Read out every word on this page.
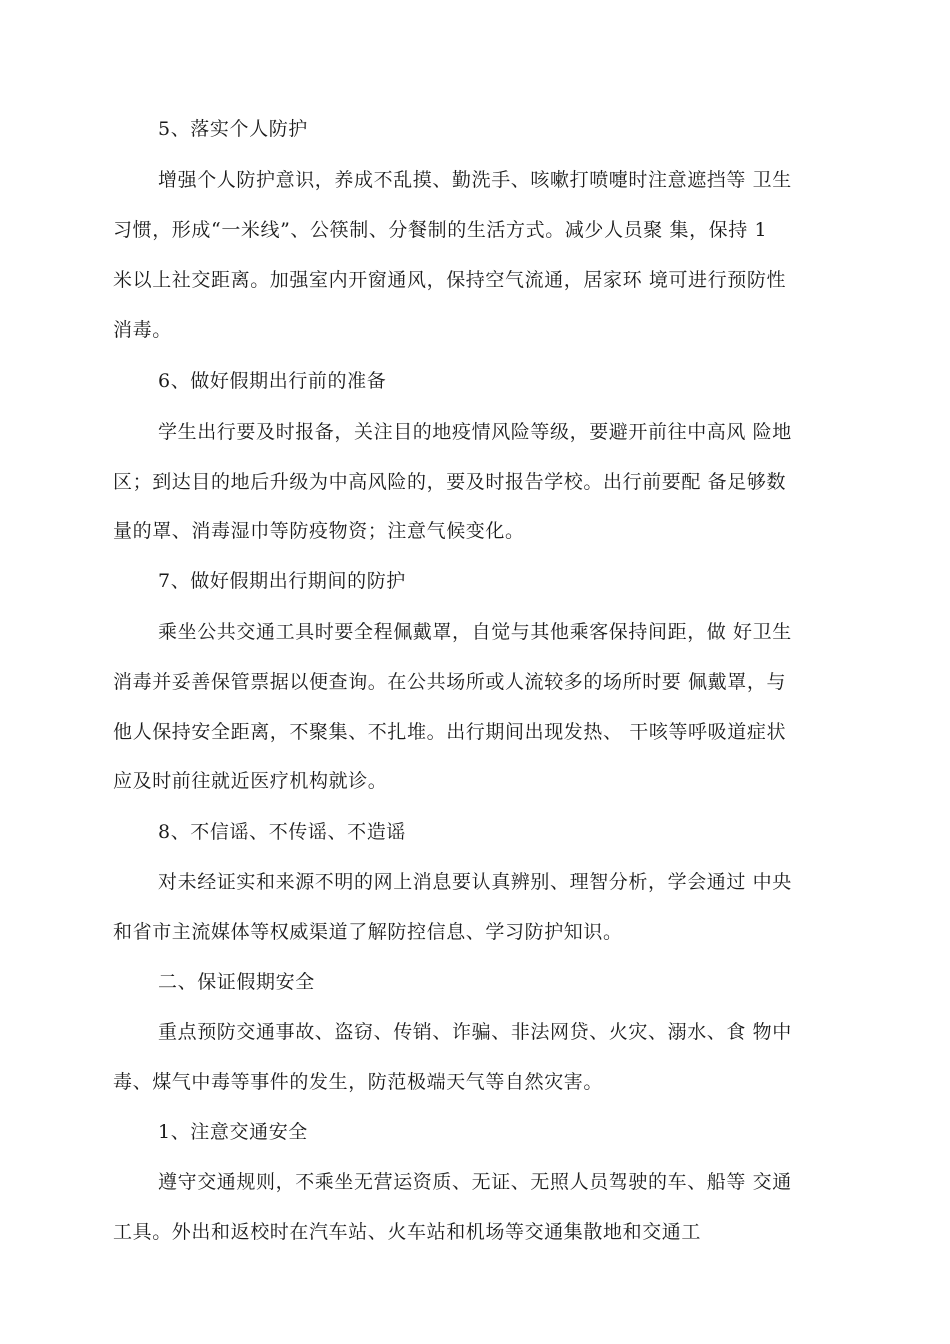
5、落实个人防护
增强个人防护意识，养成不乱摸、勤洗手、咳嗽打喷嚏时注意遮挡等 卫生
习惯，形成“一米线”、公筷制、分餐制的生活方式。减少人员聚 集，保持 1
米以上社交距离。加强室内开窗通风，保持空气流通，居家环 境可进行预防性
消毒。
6、做好假期出行前的准备
学生出行要及时报备，关注目的地疫情风险等级，要避开前往中高风 险地
区；到达目的地后升级为中高风险的，要及时报告学校。出行前要配 备足够数
量的罩、消毒湿巾等防疫物资；注意气候变化。
7、做好假期出行期间的防护
乘坐公共交通工具时要全程佩戴罩，自觉与其他乘客保持间距，做 好卫生
消毒并妥善保管票据以便查询。在公共场所或人流较多的场所时要 佩戴罩，与
他人保持安全距离，不聚集、不扎堆。出行期间出现发热、 干咳等呼吸道症状
应及时前往就近医疗机构就诊。
8、不信谣、不传谣、不造谣
对未经证实和来源不明的网上消息要认真辨别、理智分析，学会通过 中央
和省市主流媒体等权威渠道了解防控信息、学习防护知识。
二、保证假期安全
重点预防交通事故、盗窃、传销、诈骗、非法网贷、火灾、溺水、食 物中
毒、煤气中毒等事件的发生，防范极端天气等自然灾害。
1、注意交通安全
遵守交通规则，不乘坐无营运资质、无证、无照人员驾驶的车、船等 交通
工具。外出和返校时在汽车站、火车站和机场等交通集散地和交通工
